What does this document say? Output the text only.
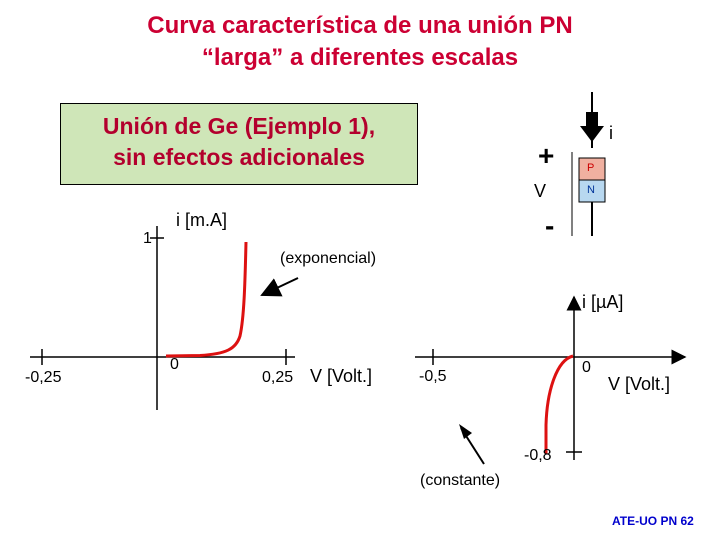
Curva característica de una unión PN
“larga” a diferentes escalas
Unión de Ge (Ejemplo 1),
sin efectos adicionales
i
+
V
-
P
N
i [m.A]
1
-0,25
0
0,25 V [Volt.]
(exponencial)
i [µA]
-0,5
0
V [Volt.]
-0,8
(constante)
ATE-UO PN 62
